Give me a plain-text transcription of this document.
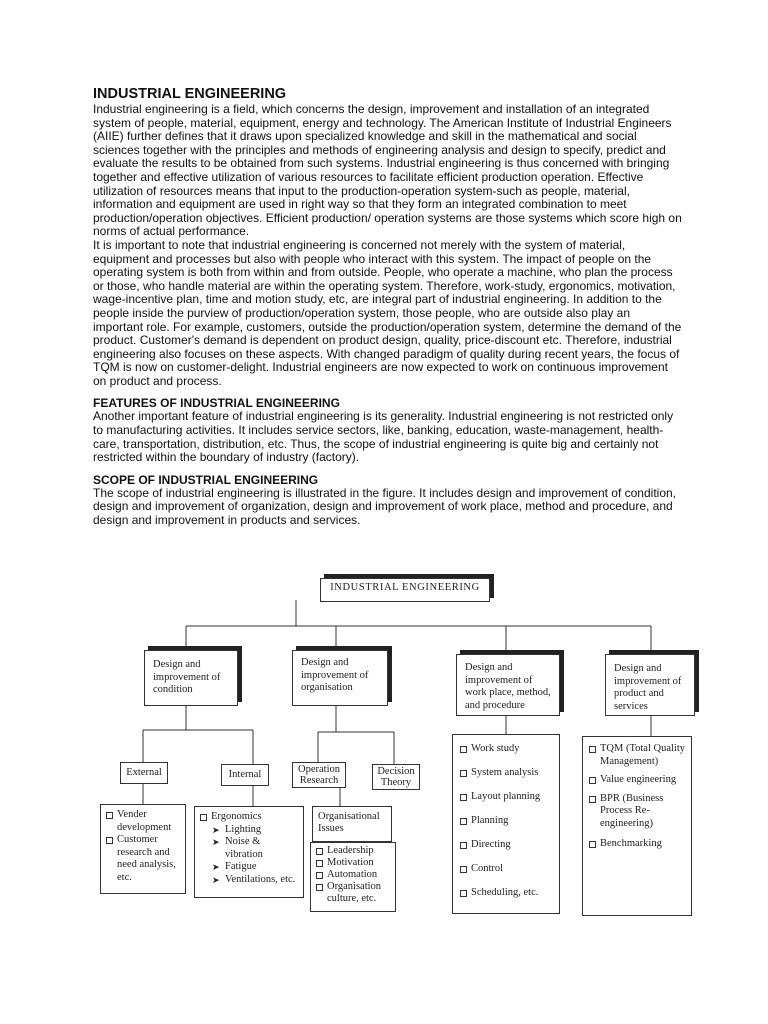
INDUSTRIAL ENGINEERING

Industrial engineering is a field, which concerns the design, improvement and installation of an integrated system of people, material, equipment, energy and technology. The American Institute of Industrial Engineers (AIIE) further defines that it draws upon specialized knowledge and skill in the mathematical and social sciences together with the principles and methods of engineering analysis and design to specify, predict and evaluate the results to be obtained from such systems. Industrial engineering is thus concerned with bringing together and effective utilization of various resources to facilitate efficient production operation. Effective utilization of resources means that input to the production-operation system-such as people, material, information and equipment are used in right way so that they form an integrated combination to meet production/operation objectives. Efficient production/ operation systems are those systems which score high on norms of actual performance.

It is important to note that industrial engineering is concerned not merely with the system of material, equipment and processes but also with people who interact with this system. The impact of people on the operating system is both from within and from outside. People, who operate a machine, who plan the process or those, who handle material are within the operating system. Therefore, work-study, ergonomics, motivation, wage-incentive plan, time and motion study, etc, are integral part of industrial engineering. In addition to the people inside the purview of production/operation system, those people, who are outside also play an important role. For example, customers, outside the production/operation system, determine the demand of the product. Customer's demand is dependent on product design, quality, price-discount etc. Therefore, industrial engineering also focuses on these aspects. With changed paradigm of quality during recent years, the focus of TQM is now on customer-delight. Industrial engineers are now expected to work on continuous improvement on product and process.

FEATURES OF INDUSTRIAL ENGINEERING

Another important feature of industrial engineering is its generality. Industrial engineering is not restricted only to manufacturing activities. It includes service sectors, like, banking, education, waste-management, health-care, transportation, distribution, etc. Thus, the scope of industrial engineering is quite big and certainly not restricted within the boundary of industry (factory).

SCOPE OF INDUSTRIAL ENGINEERING

The scope of industrial engineering is illustrated in the figure. It includes design and improvement of condition, design and improvement of organization, design and improvement of work place, method and procedure, and design and improvement in products and services.

INDUSTRIAL ENGINEERING
Design and improvement of condition
Design and improvement of organisation
Design and improvement of work place, method, and procedure
Design and improvement of product and services
External	Internal	Operation Research
Decision Theory
Vender development
Customer research and need analysis, etc.
Ergonomics
➤ Lighting
➤ Noise & vibration
➤ Fatigue
➤ Ventilations, etc.
Organisational Issues
Leadership
Motivation
Automation
Organisation culture, etc.
Work study
System analysis
Layout planning
Planning
Directing
Control
Scheduling, etc.
TQM (Total Quality Management)
Value engineering
BPR (Business Process Re-engineering)
Benchmarking
